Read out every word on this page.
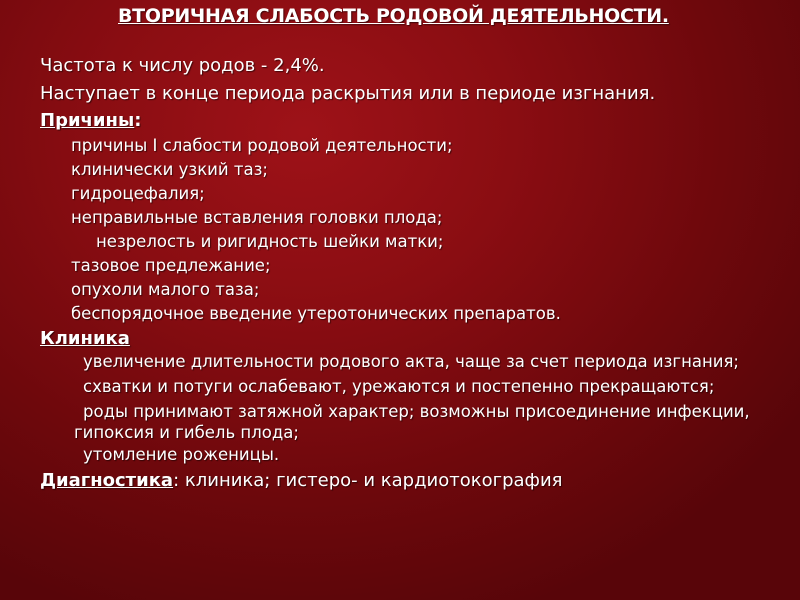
ВТОРИЧНАЯ СЛАБОСТЬ РОДОВОЙ ДЕЯТЕЛЬНОСТИ.
Частота к числу родов - 2,4%.
Наступает в конце периода раскрытия или в периоде изгнания.
Причины:
причины I слабости родовой деятельности;
клинически узкий таз;
гидроцефалия;
неправильные вставления головки плода;
незрелость и ригидность шейки матки;
тазовое предлежание;
опухоли малого таза;
беспорядочное введение утеротонических препаратов.
Клиника
увеличение длительности родового акта, чаще за счет периода изгнания;
схватки и потуги ослабевают, урежаются и постепенно прекращаются;
роды принимают затяжной характер; возможны присоединение инфекции,
гипоксия и гибель плода;
утомление роженицы.
Диагностика: клиника; гистеро- и кардиотокография
